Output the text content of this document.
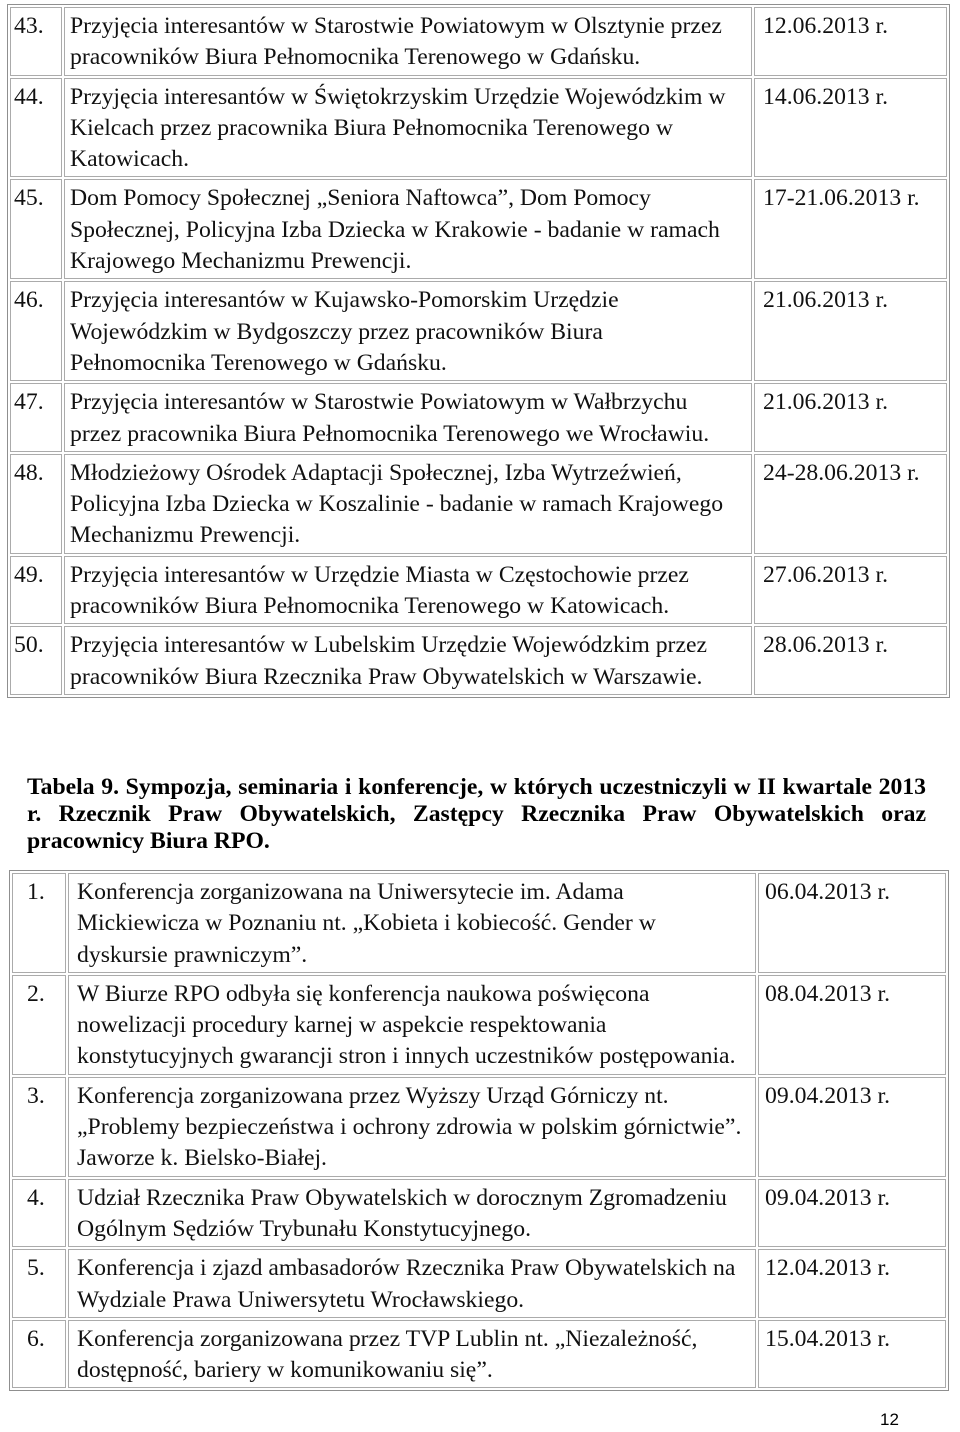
43.	Przyjęcia interesantów w Starostwie Powiatowym w Olsztynie przez
pracowników Biura Pełnomocnika Terenowego w Gdańsku.	12.06.2013 r.

44.	Przyjęcia interesantów w Świętokrzyskim Urzędzie Wojewódzkim w
Kielcach przez pracownika Biura Pełnomocnika Terenowego w
Katowicach.	14.06.2013 r.

45.	Dom Pomocy Społecznej „Seniora Naftowca”, Dom Pomocy
Społecznej, Policyjna Izba Dziecka w Krakowie - badanie w ramach
Krajowego Mechanizmu Prewencji.	17-21.06.2013 r.

46.	Przyjęcia interesantów w Kujawsko-Pomorskim Urzędzie
Wojewódzkim w Bydgoszczy przez pracowników Biura
Pełnomocnika Terenowego w Gdańsku.	21.06.2013 r.

47.	Przyjęcia interesantów w Starostwie Powiatowym w Wałbrzychu
przez pracownika Biura Pełnomocnika Terenowego we Wrocławiu.	21.06.2013 r.

48.	Młodzieżowy Ośrodek Adaptacji Społecznej, Izba Wytrzeźwień,
Policyjna Izba Dziecka w Koszalinie - badanie w ramach Krajowego
Mechanizmu Prewencji.	24-28.06.2013 r.

49.	Przyjęcia interesantów w Urzędzie Miasta w Częstochowie przez
pracowników Biura Pełnomocnika Terenowego w Katowicach.	27.06.2013 r.

50.	Przyjęcia interesantów w Lubelskim Urzędzie Wojewódzkim przez
pracowników Biura Rzecznika Praw Obywatelskich w Warszawie.	28.06.2013 r.
Tabela 9. Sympozja, seminaria i konferencje, w których uczestniczyli w II kwartale 2013
r. Rzecznik Praw Obywatelskich, Zastępcy Rzecznika Praw Obywatelskich oraz
pracownicy Biura RPO.
1.	Konferencja zorganizowana na Uniwersytecie im. Adama
Mickiewicza w Poznaniu nt. „Kobieta i kobiecość. Gender w
dyskursie prawniczym”.	06.04.2013 r.

2.	W Biurze RPO odbyła się konferencja naukowa poświęcona
nowelizacji procedury karnej w aspekcie respektowania
konstytucyjnych gwarancji stron i innych uczestników postępowania.	08.04.2013 r.

3.	Konferencja zorganizowana przez Wyższy Urząd Górniczy nt.
„Problemy bezpieczeństwa i ochrony zdrowia w polskim górnictwie”.
Jaworze k. Bielsko-Białej.	09.04.2013 r.

4.	Udział Rzecznika Praw Obywatelskich w dorocznym Zgromadzeniu
Ogólnym Sędziów Trybunału Konstytucyjnego.	09.04.2013 r.

5.	Konferencja i zjazd ambasadorów Rzecznika Praw Obywatelskich na
Wydziale Prawa Uniwersytetu Wrocławskiego.	12.04.2013 r.

6.	Konferencja zorganizowana przez TVP Lublin nt. „Niezależność,
dostępność, bariery w komunikowaniu się”.	15.04.2013 r.
12
